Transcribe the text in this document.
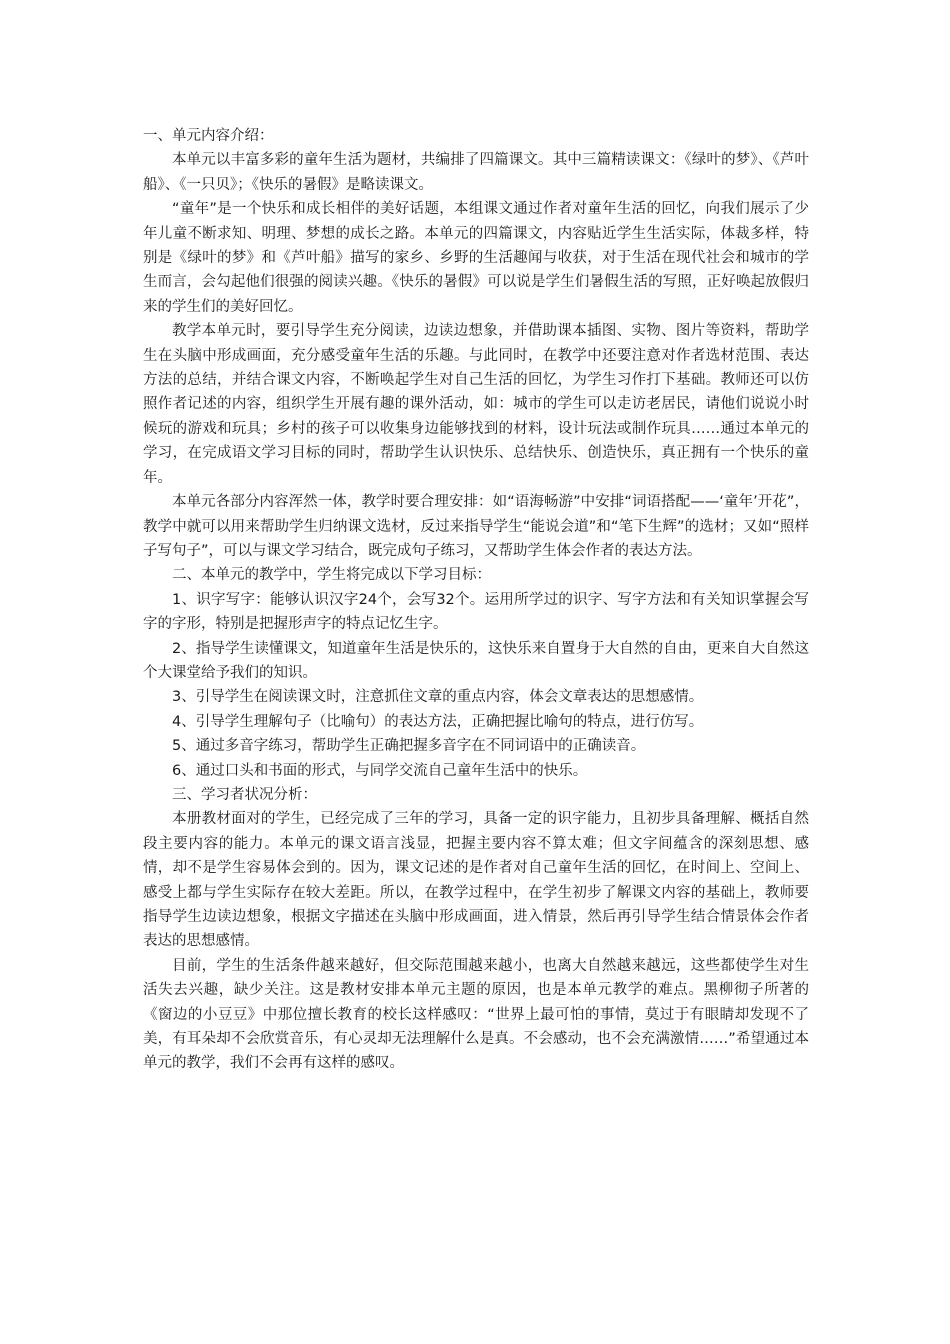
一、单元内容介绍：

本单元以丰富多彩的童年生活为题材，共编排了四篇课文。其中三篇精读课文：《绿叶的梦》、《芦叶船》、《一只贝》；《快乐的暑假》是略读课文。

“童年”是一个快乐和成长相伴的美好话题，本组课文通过作者对童年生活的回忆，向我们展示了少年儿童不断求知、明理、梦想的成长之路。本单元的四篇课文，内容贴近学生生活实际，体裁多样，特别是《绿叶的梦》和《芦叶船》描写的家乡、乡野的生活趣闻与收获，对于生活在现代社会和城市的学生而言，会勾起他们很强的阅读兴趣。《快乐的暑假》可以说是学生们暑假生活的写照，正好唤起放假归来的学生们的美好回忆。

教学本单元时，要引导学生充分阅读，边读边想象，并借助课本插图、实物、图片等资料，帮助学生在头脑中形成画面，充分感受童年生活的乐趣。与此同时，在教学中还要注意对作者选材范围、表达方法的总结，并结合课文内容，不断唤起学生对自己生活的回忆，为学生习作打下基础。教师还可以仿照作者记述的内容，组织学生开展有趣的课外活动，如：城市的学生可以走访老居民，请他们说说小时候玩的游戏和玩具；乡村的孩子可以收集身边能够找到的材料，设计玩法或制作玩具……通过本单元的学习，在完成语文学习目标的同时，帮助学生认识快乐、总结快乐、创造快乐，真正拥有一个快乐的童年。

本单元各部分内容浑然一体，教学时要合理安排：如“语海畅游”中安排“词语搭配——‘童年’开花”，教学中就可以用来帮助学生归纳课文选材，反过来指导学生“能说会道”和“笔下生辉”的选材；又如“照样子写句子”，可以与课文学习结合，既完成句子练习，又帮助学生体会作者的表达方法。

二、本单元的教学中，学生将完成以下学习目标：

1、识字写字：能够认识汉字24个，会写32个。运用所学过的识字、写字方法和有关知识掌握会写字的字形，特别是把握形声字的特点记忆生字。

2、指导学生读懂课文，知道童年生活是快乐的，这快乐来自置身于大自然的自由，更来自大自然这个大课堂给予我们的知识。

3、引导学生在阅读课文时，注意抓住文章的重点内容，体会文章表达的思想感情。

4、引导学生理解句子（比喻句）的表达方法，正确把握比喻句的特点，进行仿写。

5、通过多音字练习，帮助学生正确把握多音字在不同词语中的正确读音。

6、通过口头和书面的形式，与同学交流自己童年生活中的快乐。

三、学习者状况分析：

本册教材面对的学生，已经完成了三年的学习，具备一定的识字能力，且初步具备理解、概括自然段主要内容的能力。本单元的课文语言浅显，把握主要内容不算太难；但文字间蕴含的深刻思想、感情，却不是学生容易体会到的。因为，课文记述的是作者对自己童年生活的回忆，在时间上、空间上、感受上都与学生实际存在较大差距。所以，在教学过程中，在学生初步了解课文内容的基础上，教师要指导学生边读边想象，根据文字描述在头脑中形成画面，进入情景，然后再引导学生结合情景体会作者表达的思想感情。

目前，学生的生活条件越来越好，但交际范围越来越小，也离大自然越来越远，这些都使学生对生活失去兴趣，缺少关注。这是教材安排本单元主题的原因，也是本单元教学的难点。黑柳彻子所著的《窗边的小豆豆》中那位擅长教育的校长这样感叹：“世界上最可怕的事情，莫过于有眼睛却发现不了美，有耳朵却不会欣赏音乐，有心灵却无法理解什么是真。不会感动，也不会充满激情……”希望通过本单元的教学，我们不会再有这样的感叹。
